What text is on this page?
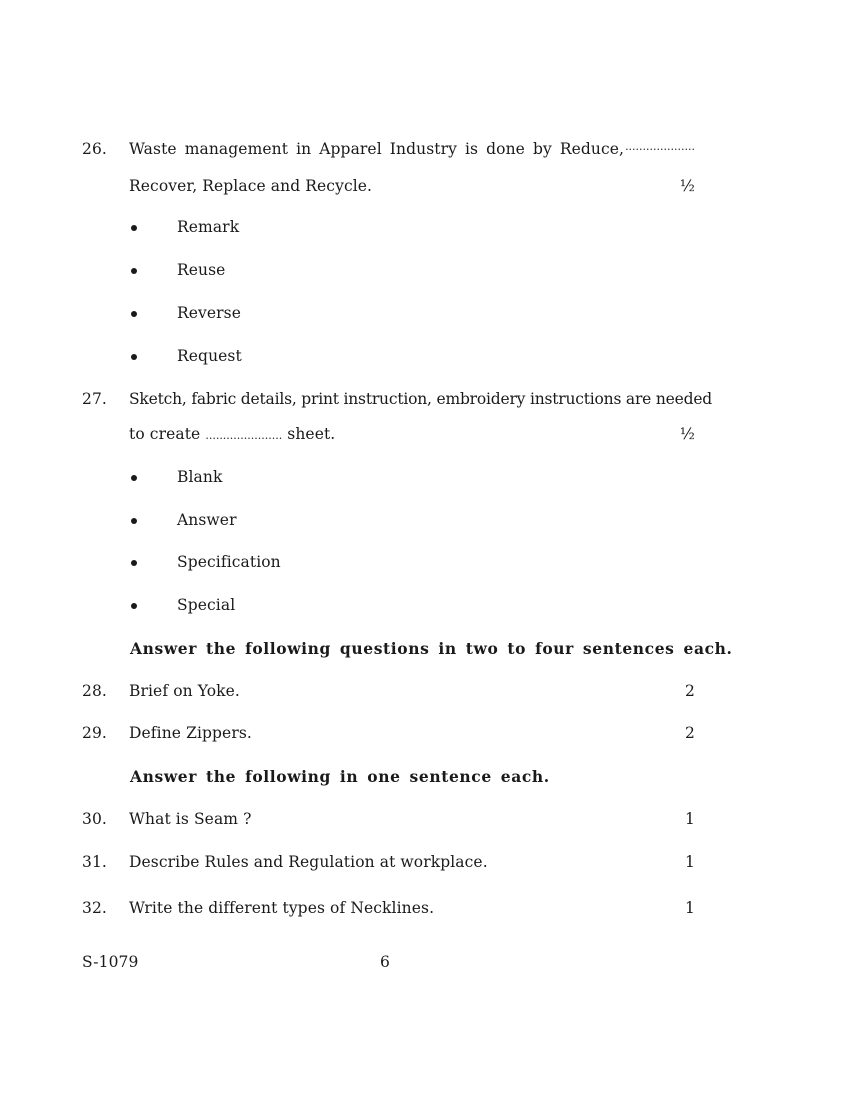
26. Waste management in Apparel Industry is done by Reduce, ....................
Recover, Replace and Recycle.	½
Remark
Reuse
Reverse
Request
27. Sketch, fabric details, print instruction, embroidery instructions are needed
to create ...................... sheet.	½
Blank
Answer
Specification
Special
Answer the following questions in two to four sentences each.
28. Brief on Yoke.	2
29. Define Zippers.	2
Answer the following in one sentence each.
30. What is Seam ?	1
31. Describe Rules and Regulation at workplace.	1
32. Write the different types of Necklines.	1
S-1079	6
